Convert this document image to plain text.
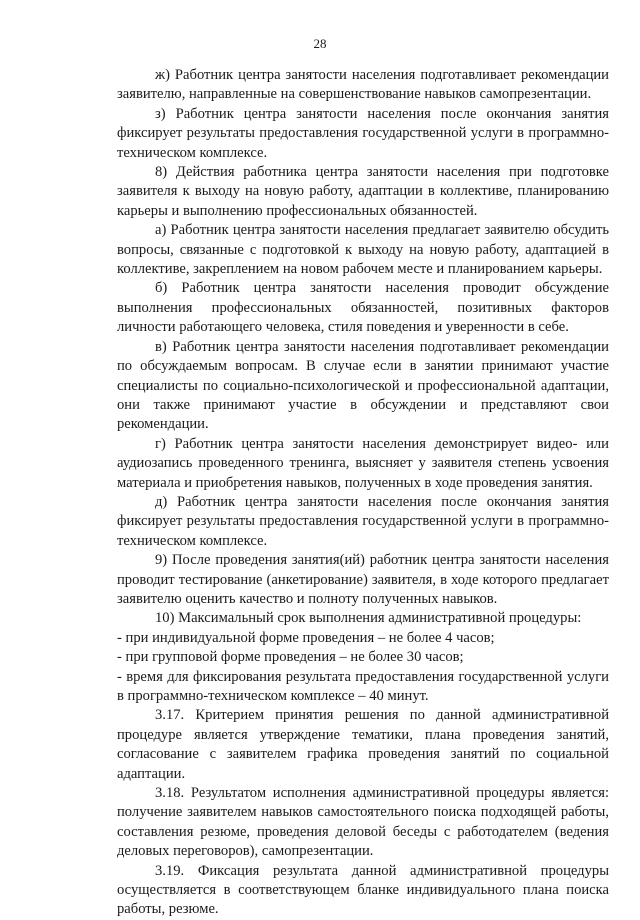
28

ж) Работник центра занятости населения подготавливает рекомендации заявителю, направленные на совершенствование навыков самопрезентации.

з) Работник центра занятости населения после окончания занятия фиксирует результаты предоставления государственной услуги в программно-техническом комплексе.

8) Действия работника центра занятости населения при подготовке заявителя к выходу на новую работу, адаптации в коллективе, планированию карьеры и выполнению профессиональных обязанностей.

а) Работник центра занятости населения предлагает заявителю обсудить вопросы, связанные с подготовкой к выходу на новую работу, адаптацией в коллективе, закреплением на новом рабочем месте и планированием карьеры.

б) Работник центра занятости населения проводит обсуждение выполнения профессиональных обязанностей, позитивных факторов личности работающего человека, стиля поведения и уверенности в себе.

в) Работник центра занятости населения подготавливает рекомендации по обсуждаемым вопросам. В случае если в занятии принимают участие специалисты по социально-психологической и профессиональной адаптации, они также принимают участие в обсуждении и представляют свои рекомендации.

г) Работник центра занятости населения демонстрирует видео- или аудиозапись проведенного тренинга, выясняет у заявителя степень усвоения материала и приобретения навыков, полученных в ходе проведения занятия.

д) Работник центра занятости населения после окончания занятия фиксирует результаты предоставления государственной услуги в программно-техническом комплексе.

9) После проведения занятия(ий) работник центра занятости населения проводит тестирование (анкетирование) заявителя, в ходе которого предлагает заявителю оценить качество и полноту полученных навыков.

10) Максимальный срок выполнения административной процедуры:

- при индивидуальной форме проведения – не более 4 часов;

- при групповой форме проведения – не более 30 часов;

- время для фиксирования результата предоставления государственной услуги в программно-техническом комплексе – 40 минут.

3.17. Критерием принятия решения по данной административной процедуре является утверждение тематики, плана проведения занятий, согласование с заявителем графика проведения занятий по социальной адаптации.

3.18. Результатом исполнения административной процедуры является: получение заявителем навыков самостоятельного поиска подходящей работы, составления резюме, проведения деловой беседы с работодателем (ведения деловых переговоров), самопрезентации.

3.19. Фиксация результата данной административной процедуры осуществляется в соответствующем бланке индивидуального плана поиска работы, резюме.
